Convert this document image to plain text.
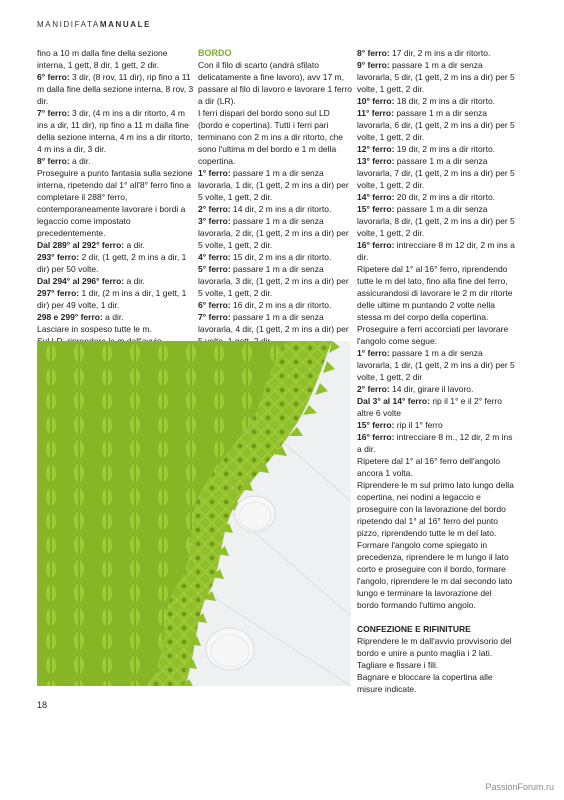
MANIDIFATAMANUALE

fino a 10 m dalla fine della sezione interna, 1 gett, 8 dir, 1 gett, 2 dir.

6° ferro: 3 dir, (8 rov, 11 dir), rip fino a 11 m dalla fine della sezione interna, 8 rov, 3 dir.

7° ferro: 3 dir, (4 m ins a dir ritorto, 4 m ins a dir, 11 dir), rip fino a 11 m dalla fine della sezione interna, 4 m ins a dir ritorto, 4 m ins a dir, 3 dir.

8° ferro: a dir.

Proseguire a punto fantasia sulla sezione interna, ripetendo dal 1° all'8° ferro fino a completare il 288° ferro, contemporaneamente lavorare i bordi a legaccio come impostato precedentemente.

Dal 289° al 292° ferro: a dir.

293° ferro: 2 dir, (1 gett, 2 m ins a dir, 1 dir) per 50 volte.

Dal 294° al 296° ferro: a dir.

297° ferro: 1 dir, (2 m ins a dir, 1 gett, 1 dir) per 49 volte, 1 dir.

298 e 299° ferro: a dir.

Lasciare in sospeso tutte le m.

BORDO

Con il filo di scarto (andrà sfilato delicatamente a fine lavoro), avv 17 m, passare al filo di lavoro e lavorare 1 ferro a dir (LR).

I ferri dispari del bordo sono sul LD (bordo e copertina). Tutti i ferri pari terminano con 2 m ins a dir ritorto, che sono l'ultima m del bordo e 1 m della copertina.

1° ferro: passare 1 m a dir senza lavorarla, 1 dir, (1 gett, 2 m ins a dir) per 5 volte, 1 gett, 2 dir.

2° ferro: 14 dir, 2 m ins a dir ritorto.

3° ferro: passare 1 m a dir senza lavorarla, 2 dir, (1 gett, 2 m ins a dir) per 5 volte, 1 gett, 2 dir.

4° ferro: 15 dir, 2 m ins a dir ritorto.

5° ferro: passare 1 m a dir senza lavorarla, 3 dir, (1 gett, 2 m ins a dir) per 5 volte, 1 gett, 2 dir.

6° ferro: 16 dir, 2 m ins a dir ritorto.

7° ferro: passare 1 m a dir senza lavorarla, 4 dir, (1 gett, 2 m ins a dir) per

8° ferro: 17 dir, 2 m ins a dir ritorto.

9° ferro: passare 1 m a dir senza lavorarla, 5 dir, (1 gett, 2 m ins a dir) per 5 volte, 1 gett, 2 dir.

10° ferro: 18 dir, 2 m ins a dir ritorto.

11° ferro: passare 1 m a dir senza lavorarla, 6 dir, (1 gett, 2 m ins a dir) per 5 volte, 1 gett, 2 dir.

12° ferro: 19 dir, 2 m ins a dir ritorto.

13° ferro: passare 1 m a dir senza lavorarla, 7 dir, (1 gett, 2 m ins a dir) per 5 volte, 1 gett, 2 dir.

14° ferro: 20 dir, 2 m ins a dir ritorto.

15° ferro: passare 1 m a dir senza lavorarla, 8 dir, (1 gett, 2 m ins a dir) per 5 volte, 1 gett, 2 dir.

16° ferro: intrecciare 8 m 12 dir, 2 m ins a dir.

Ripetere dal 1° al 16° ferro, riprendendo tutte le m del lato, fino alla fine del ferro, assicurandosi di lavorare le 2 m dir ritorte delle ultime m puntando 2 volte nella stessa m del corpo della copertina.

Proseguire a ferri accorciati per lavorare l'angolo come segue:

1° ferro: passare 1 m a dir senza lavorarla, 1 dir, (1 gett, 2 m ins a dir) per 5 volte, 1 gett, 2 dir

2° ferro: 14 dir, girare il lavoro.

Dal 3° al 14° ferro: rip il 1° e il 2° ferro altre 6 volte

15° ferro: rip il 1° ferro

16° ferro: intrecciare 8 m., 12 dir, 2 m ins a dir.

Ripetere dal 1° al 16° ferro dell'angolo ancora 1 volta.

Riprendere le m sul primo lato lungo della copertina, nei nodini a legaccio e proseguire con la lavorazione del bordo ripetendo dal 1° al 16° ferro del punto pizzo, riprendendo tutte le m del lato.

Formare l'angolo come spiegato in precedenza, riprendere le m lungo il lato corto e proseguire con il bordo, formare l'angolo, riprendere le m dal secondo lato lungo e terminare la lavorazione del bordo formando l'ultimo angolo.

CONFEZIONE E RIFINITURE

Riprendere le m dall'avvio provvisorio del bordo e unire a punto maglia i 2 lati. Tagliare e fissare i fili.

Bagnare e bloccare la copertina alle misure indicate.

18
PassionForum.ru
